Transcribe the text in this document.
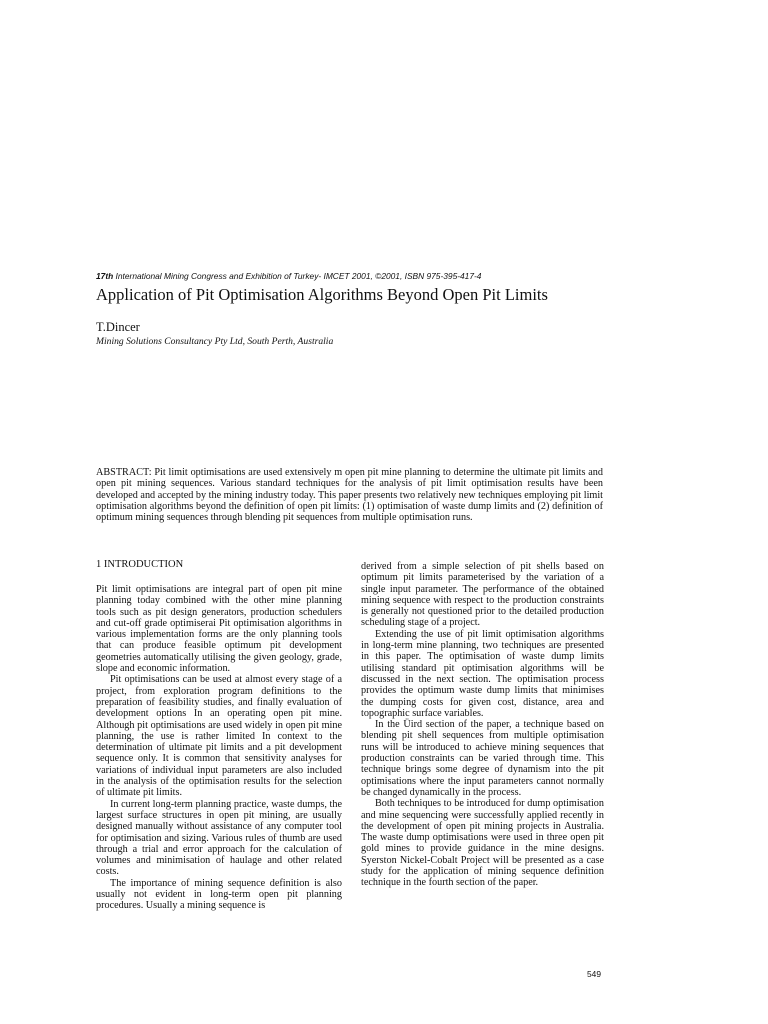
17th International Mining Congress and Exhibition of Turkey- IMCET 2001, ©2001, ISBN 975-395-417-4
Application of Pit Optimisation Algorithms Beyond Open Pit Limits
T.Dincer
Mining Solutions Consultancy Pty Ltd, South Perth, Australia
ABSTRACT: Pit limit optimisations are used extensively m open pit mine planning to determine the ultimate pit limits and open pit mining sequences. Various standard techniques for the analysis of pit limit optimisation results have been developed and accepted by the mining industry today. This paper presents two relatively new techniques employing pit limit optimisation algorithms beyond the definition of open pit limits: (1) optimisation of waste dump limits and (2) definition of optimum mining sequences through blending pit sequences from multiple optimisation runs.
1 INTRODUCTION

Pit limit optimisations are integral part of open pit mine planning today combined with the other mine planning tools such as pit design generators, production schedulers and cut-off grade optimiserai Pit optimisation algorithms in various implementation forms are the only planning tools that can produce feasible optimum pit development geometries automatically utilising the given geology, grade, slope and economic information.

Pit optimisations can be used at almost every stage of a project, from exploration program definitions to the preparation of feasibility studies, and finally evaluation of development options In an operating open pit mine. Although pit optimisations are used widely in open pit mine planning, the use is rather limited In context to the determination of ultimate pit limits and a pit development sequence only. It is common that sensitivity analyses for variations of individual input parameters are also included in the analysis of the optimisation results for the selection of ultimate pit limits.

In current long-term planning practice, waste dumps, the largest surface structures in open pit mining, are usually designed manually without assistance of any computer tool for optimisation and sizing. Various rules of thumb are used through a trial and error approach for the calculation of volumes and minimisation of haulage and other related costs.

The importance of mining sequence definition is also usually not evident in long-term open pit planning procedures. Usually a mining sequence is

derived from a simple selection of pit shells based on optimum pit limits parameterised by the variation of a single input parameter. The performance of the obtained mining sequence with respect to the production constraints is generally not questioned prior to the detailed production scheduling stage of a project.

Extending the use of pit limit optimisation algorithms in long-term mine planning, two techniques are presented in this paper. The optimisation of waste dump limits utilising standard pit optimisation algorithms will be discussed in the next section. The optimisation process provides the optimum waste dump limits that minimises the dumping costs for given cost, distance, area and topographic surface variables.

In the Üird section of the paper, a technique based on blending pit shell sequences from multiple optimisation runs will be introduced to achieve mining sequences that production constraints can be varied through time. This technique brings some degree of dynamism into the pit optimisations where the input parameters cannot normally be changed dynamically in the process.

Both techniques to be introduced for dump optimisation and mine sequencing were successfully applied recently in the development of open pit mining projects in Australia. The waste dump optimisations were used in three open pit gold mines to provide guidance in the mine designs. Syerston Nickel-Cobalt Project will be presented as a case study for the application of mining sequence definition technique in the fourth section of the paper.

549
